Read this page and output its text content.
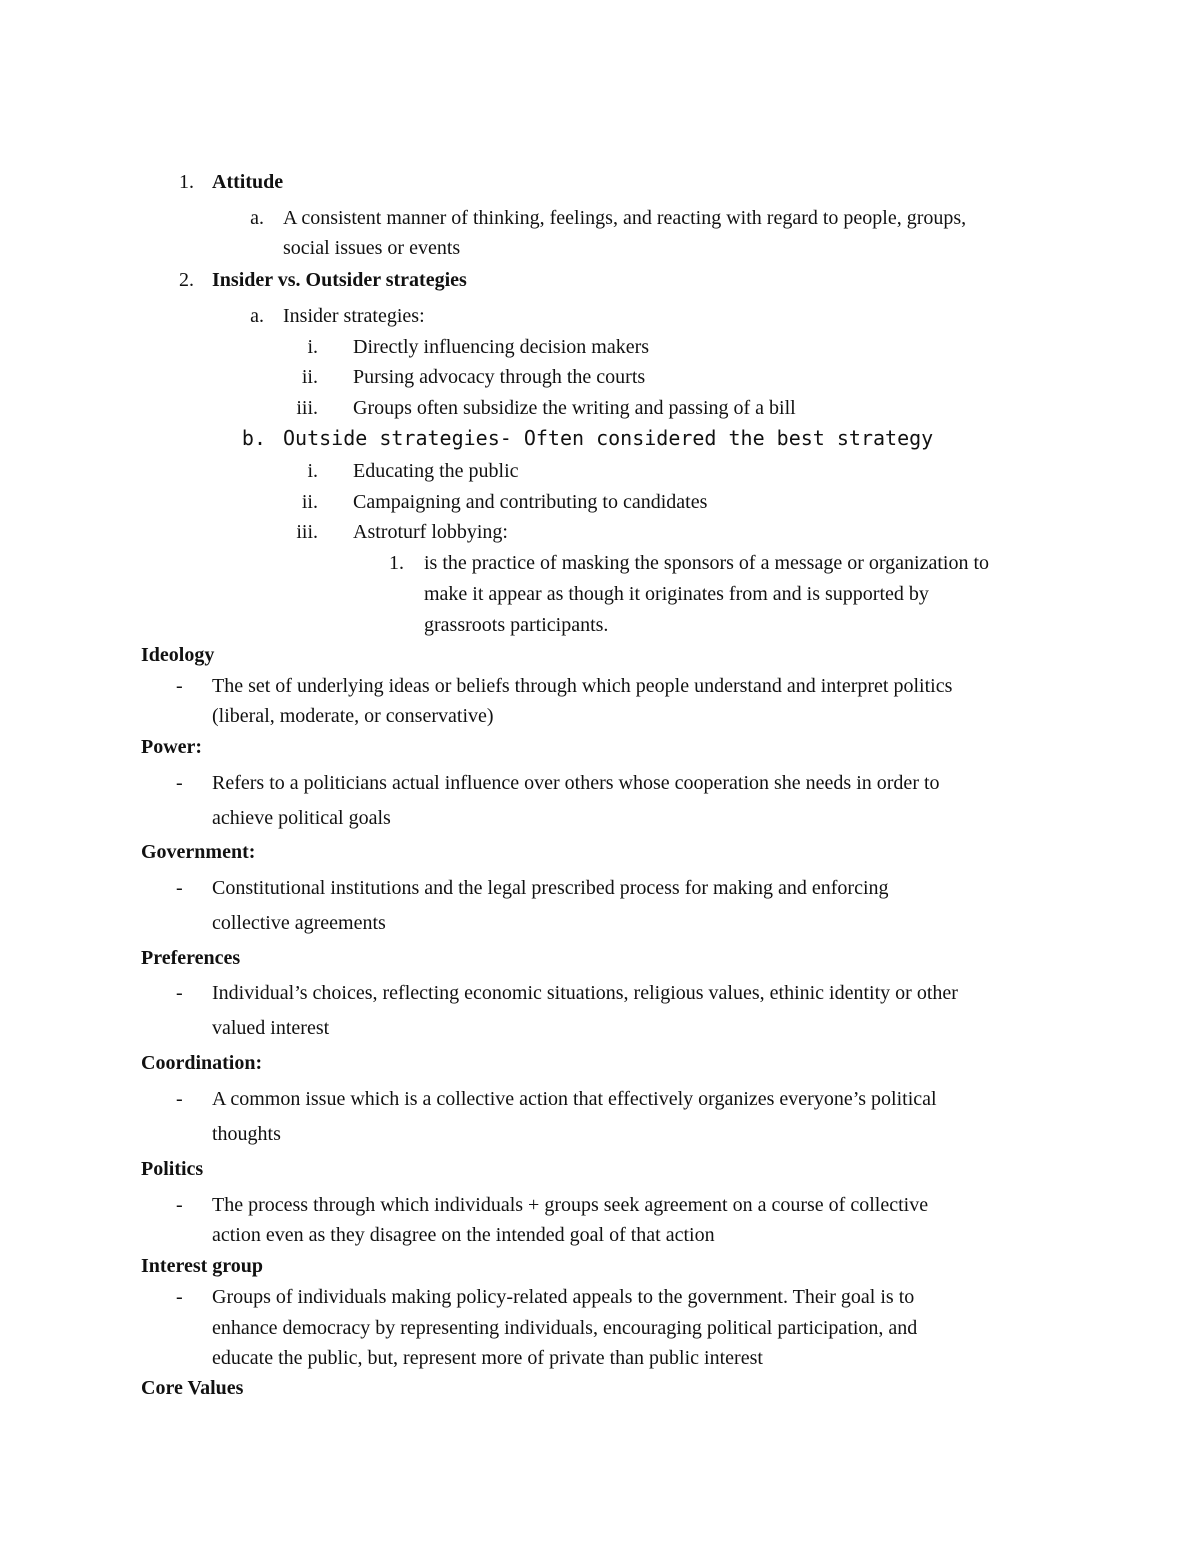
1. Attitude
a. A consistent manner of thinking, feelings, and reacting with regard to people, groups,
social issues or events
2. Insider vs. Outsider strategies
a. Insider strategies:
i. Directly influencing decision makers
ii. Pursing advocacy through the courts
iii. Groups often subsidize the writing and passing of a bill
b. Outside strategies- Often considered the best strategy
i. Educating the public
ii. Campaigning and contributing to candidates
iii. Astroturf lobbying:
1. is the practice of masking the sponsors of a message or organization to
make it appear as though it originates from and is supported by
grassroots participants.
Ideology
- The set of underlying ideas or beliefs through which people understand and interpret politics
(liberal, moderate, or conservative)
Power:
- Refers to a politicians actual influence over others whose cooperation she needs in order to
achieve political goals
Government:
- Constitutional institutions and the legal prescribed process for making and enforcing
collective agreements
Preferences
- Individual’s choices, reflecting economic situations, religious values, ethinic identity or other
valued interest
Coordination:
- A common issue which is a collective action that effectively organizes everyone’s political
thoughts
Politics
- The process through which individuals + groups seek agreement on a course of collective
action even as they disagree on the intended goal of that action
Interest group
- Groups of individuals making policy-related appeals to the government. Their goal is to
enhance democracy by representing individuals, encouraging political participation, and
educate the public, but, represent more of private than public interest
Core Values
